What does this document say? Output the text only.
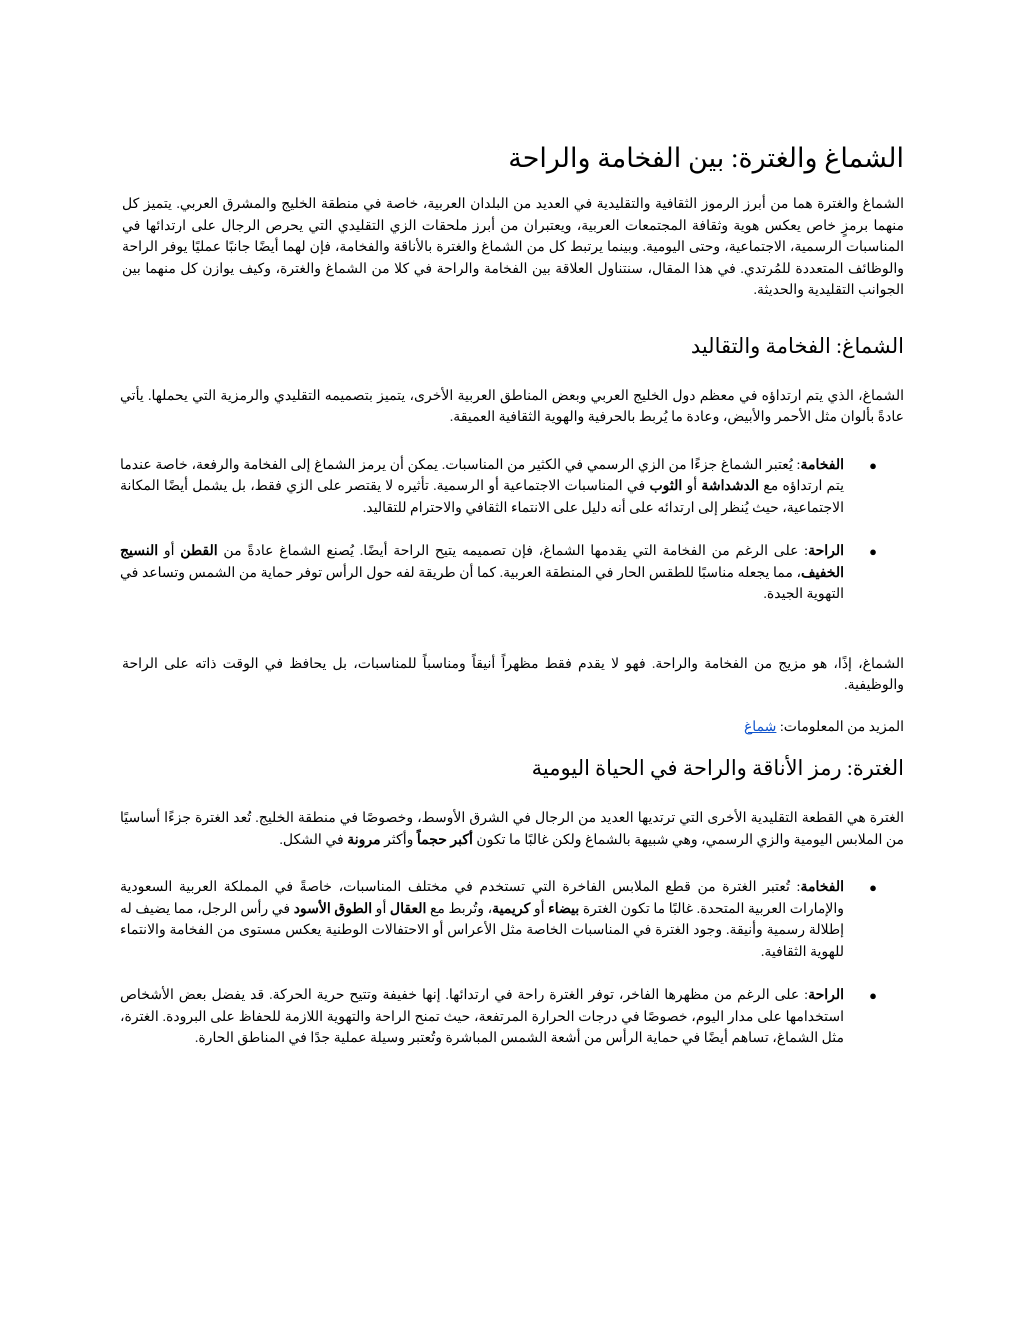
الشماغ والغترة: بين الفخامة والراحة

الشماغ والغترة هما من أبرز الرموز الثقافية والتقليدية في العديد من البلدان العربية، خاصة في منطقة الخليج والمشرق العربي. يتميز كل منهما برمزٍ خاص يعكس هوية وثقافة المجتمعات العربية، ويعتبران من أبرز ملحقات الزي التقليدي التي يحرص الرجال على ارتدائها في المناسبات الرسمية، الاجتماعية، وحتى اليومية. وبينما يرتبط كل من الشماغ والغترة بالأناقة والفخامة، فإن لهما أيضًا جانبًا عمليًا يوفر الراحة والوظائف المتعددة للمُرتدي. في هذا المقال، سنتناول العلاقة بين الفخامة والراحة في كلا من الشماغ والغترة، وكيف يوازن كل منهما بين الجوانب التقليدية والحديثة.

الشماغ: الفخامة والتقاليد

الشماغ، الذي يتم ارتداؤه في معظم دول الخليج العربي وبعض المناطق العربية الأخرى، يتميز بتصميمه التقليدي والرمزية التي يحملها. يأتي عادةً بألوان مثل الأحمر والأبيض، وعادة ما يُربط بالحرفية والهوية الثقافية العميقة.

●
الفخامة: يُعتبر الشماغ جزءًا من الزي الرسمي في الكثير من المناسبات. يمكن أن يرمز الشماغ إلى الفخامة والرفعة، خاصة عندما يتم ارتداؤه مع الدشداشة أو الثوب في المناسبات الاجتماعية أو الرسمية. تأثيره لا يقتصر على الزي فقط، بل يشمل أيضًا المكانة الاجتماعية، حيث يُنظر إلى ارتدائه على أنه دليل على الانتماء الثقافي والاحترام للتقاليد.
●
الراحة: على الرغم من الفخامة التي يقدمها الشماغ، فإن تصميمه يتيح الراحة أيضًا. يُصنع الشماغ عادةً من القطن أو النسيج الخفيف، مما يجعله مناسبًا للطقس الحار في المنطقة العربية. كما أن طريقة لفه حول الرأس توفر حماية من الشمس وتساعد في التهوية الجيدة.

الشماغ، إذًا، هو مزيج من الفخامة والراحة. فهو لا يقدم فقط مظهراً أنيقاً ومناسباً للمناسبات، بل يحافظ في الوقت ذاته على الراحة والوظيفية.

المزيد من المعلومات: شماغ

الغترة: رمز الأناقة والراحة في الحياة اليومية

الغترة هي القطعة التقليدية الأخرى التي ترتديها العديد من الرجال في الشرق الأوسط، وخصوصًا في منطقة الخليج. تُعد الغترة جزءًا أساسيًا من الملابس اليومية والزي الرسمي، وهي شبيهة بالشماغ ولكن غالبًا ما تكون أكبر حجماً وأكثر مرونة في الشكل.

●
الفخامة: تُعتبر الغترة من قطع الملابس الفاخرة التي تستخدم في مختلف المناسبات، خاصةً في المملكة العربية السعودية والإمارات العربية المتحدة. غالبًا ما تكون الغترة بيضاء أو كريمية، وتُربط مع العقال أو الطوق الأسود في رأس الرجل، مما يضيف له إطلالة رسمية وأنيقة. وجود الغترة في المناسبات الخاصة مثل الأعراس أو الاحتفالات الوطنية يعكس مستوى من الفخامة والانتماء للهوية الثقافية.
●
الراحة: على الرغم من مظهرها الفاخر، توفر الغترة راحة في ارتدائها. إنها خفيفة وتتيح حرية الحركة. قد يفضل بعض الأشخاص استخدامها على مدار اليوم، خصوصًا في درجات الحرارة المرتفعة، حيث تمنح الراحة والتهوية اللازمة للحفاظ على البرودة. الغترة، مثل الشماغ، تساهم أيضًا في حماية الرأس من أشعة الشمس المباشرة وتُعتبر وسيلة عملية جدًا في المناطق الحارة.
